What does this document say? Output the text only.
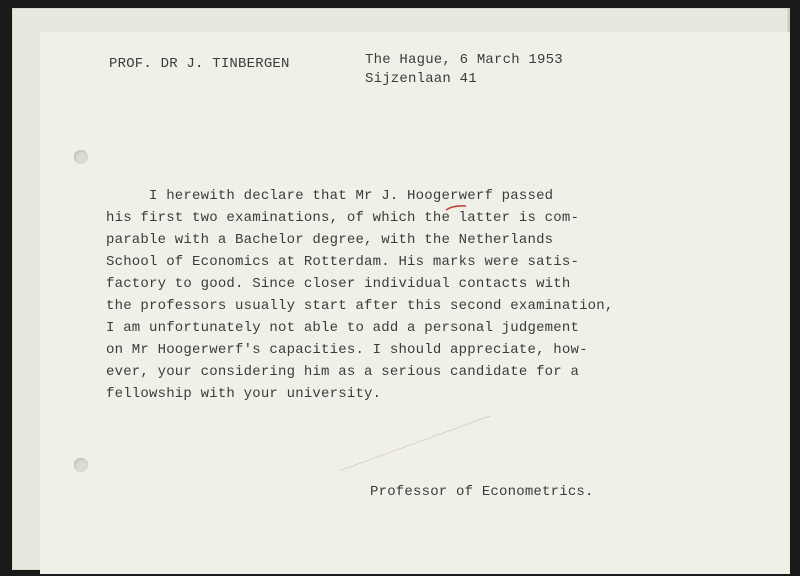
PROF. DR J. TINBERGEN	The Hague, 6 March 1953
Sijzenlaan 41
I herewith declare that Mr J. Hoogerwerf passed
his first two examinations, of which the latter is com-
parable with a Bachelor degree, with the Netherlands
School of Economics at Rotterdam. His marks were satis-
factory to good. Since closer individual contacts with
the professors usually start after this second examination,
I am unfortunately not able to add a personal judgement
on Mr Hoogerwerf's capacities. I should appreciate, how-
ever, your considering him as a serious candidate for a
fellowship with your university.
Professor of Econometrics.
